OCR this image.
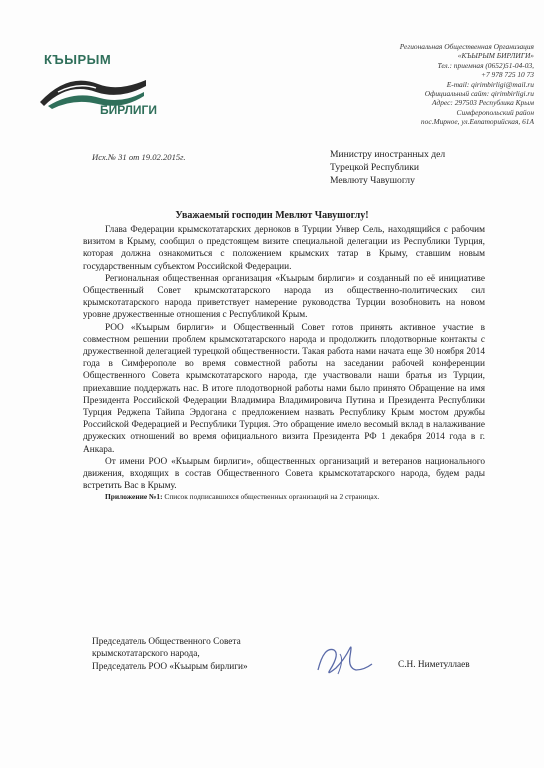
КЪЫРЫМ
БИРЛИГИ
Региональная Общественная Организация
«КЪЫРЫМ БИРЛИГИ»
Тел.: приемная (0652)51-04-03,
+7 978 725 10 73
E-mail: qirimbirligi@mail.ru
Официальный сайт: qirimbirligi.ru
Адрес: 297503 Республика Крым
Симферопольский район
пос.Мирное, ул.Евпаторийская, 61А
Исх.№ 31 от 19.02.2015г.	Министру иностранных дел
Турецкой Республики
Мевлюту Чавушоглу
Уважаемый господин Мевлют Чавушоглу!

Глава Федерации крымскотатарских дерноков в Турции Унвер Сель, находящийся с рабочим визитом в Крыму, сообщил о предстоящем визите специальной делегации из Республики Турция, которая должна ознакомиться с положением крымских татар в Крыму, ставшим новым государственным субъектом Российской Федерации.

Региональная общественная организация «Къырым бирлиги» и созданный по её инициативе Общественный Совет крымскотатарского народа из общественно-политических сил крымскотатарского народа приветствует намерение руководства Турции возобновить на новом уровне дружественные отношения с Республикой Крым.

РОО «Къырым бирлиги» и Общественный Совет готов принять активное участие в совместном решении проблем крымскотатарского народа и продолжить плодотворные контакты с дружественной делегацией турецкой общественности. Такая работа нами начата еще 30 ноября 2014 года в Симферополе во время совместной работы на заседании рабочей конференции Общественного Совета крымскотатарского народа, где участвовали наши братья из Турции, приехавшие поддержать нас. В итоге плодотворной работы нами было принято Обращение на имя Президента Российской Федерации Владимира Владимировича Путина и Президента Республики Турция Реджепа Тайипа Эрдогана с предложением назвать Республику Крым мостом дружбы Российской Федерацией и Республики Турция. Это обращение имело весомый вклад в налаживание дружеских отношений во время официального визита Президента РФ 1 декабря 2014 года в г. Анкара.

От имени РОО «Къырым бирлиги», общественных организаций и ветеранов национального движения, входящих в состав Общественного Совета крымскотатарского народа, будем рады встретить Вас в Крыму.

Приложение №1: Список подписавшихся общественных организаций на 2 страницах.

Председатель Общественного Совета
крымскотатарского народа,
Председатель РОО «Къырым бирлиги»	С.Н. Ниметуллаев
